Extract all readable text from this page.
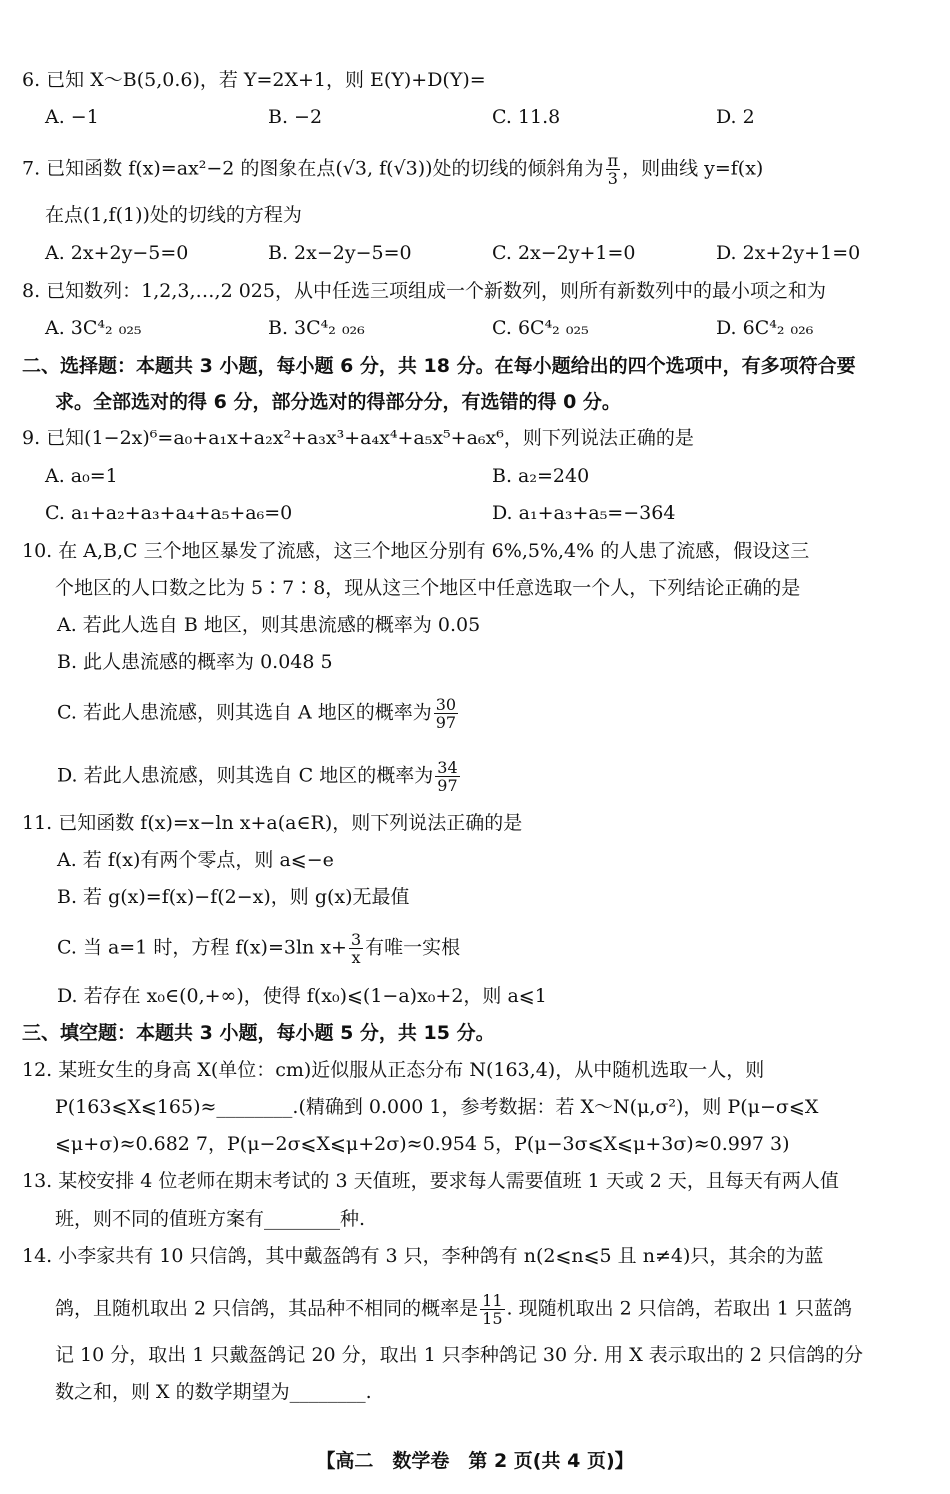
6. 已知 X～B(5,0.6)，若 Y=2X+1，则 E(Y)+D(Y)=
A. −1	B. −2	C. 11.8	D. 2
7. 已知函数 f(x)=ax²−2 的图象在点(√3, f(√3))处的切线的倾斜角为 $\frac{\pi}{3}$ ，则曲线 y=f(x)
在点(1,f(1))处的切线的方程为
A. 2x+2y−5=0	B. 2x−2y−5=0	C. 2x−2y+1=0	D. 2x+2y+1=0
8. 已知数列：1,2,3,…,2 025，从中任选三项组成一个新数列，则所有新数列中的最小项之和为
A. 3C⁴₂ ₀₂₅	B. 3C⁴₂ ₀₂₆	C. 6C⁴₂ ₀₂₅	D. 6C⁴₂ ₀₂₆
二、选择题：本题共 3 小题，每小题 6 分，共 18 分。在每小题给出的四个选项中，有多项符合要
求。全部选对的得 6 分，部分选对的得部分分，有选错的得 0 分。
9. 已知(1−2x)⁶=a₀+a₁x+a₂x²+a₃x³+a₄x⁴+a₅x⁵+a₆x⁶，则下列说法正确的是
A. a₀=1	B. a₂=240
C. a₁+a₂+a₃+a₄+a₅+a₆=0	D. a₁+a₃+a₅=−364
10. 在 A,B,C 三个地区暴发了流感，这三个地区分别有 6%,5%,4% 的人患了流感，假设这三
个地区的人口数之比为 5∶7∶8，现从这三个地区中任意选取一个人，下列结论正确的是
A. 若此人选自 B 地区，则其患流感的概率为 0.05
B. 此人患流感的概率为 0.048 5
C. 若此人患流感，则其选自 A 地区的概率为 $\frac{30}{97}$
D. 若此人患流感，则其选自 C 地区的概率为 $\frac{34}{97}$
11. 已知函数 f(x)=x−ln x+a(a∈R)，则下列说法正确的是
A. 若 f(x)有两个零点，则 a⩽−e
B. 若 g(x)=f(x)−f(2−x)，则 g(x)无最值
C. 当 a=1 时，方程 f(x)=3ln $x+ \frac{3}{x}$ 有唯一实根
D. 若存在 x₀∈(0,+∞)，使得 f(x₀)⩽(1−a)x₀+2，则 a⩽1
三、填空题：本题共 3 小题，每小题 5 分，共 15 分。
12. 某班女生的身高 X(单位：cm)近似服从正态分布 N(163,4)，从中随机选取一人，则
P(163⩽X⩽165)≈________.(精确到 0.000 1，参考数据：若 X～N(μ,σ²)，则 P(μ−σ⩽X
⩽μ+σ)≈0.682 7，P(μ−2σ⩽X⩽μ+2σ)≈0.954 5，P(μ−3σ⩽X⩽μ+3σ)≈0.997 3)
13. 某校安排 4 位老师在期末考试的 3 天值班，要求每人需要值班 1 天或 2 天，且每天有两人值
班，则不同的值班方案有________种.
14. 小李家共有 10 只信鸽，其中戴盔鸽有 3 只，李种鸽有 n(2⩽n⩽5 且 n≠4)只，其余的为蓝
鸽，且随机取出 2 只信鸽，其品种不相同的概率是 $\frac{11}{15}$ . 现随机取出 2 只信鸽，若取出 1 只蓝鸽
记 10 分，取出 1 只戴盔鸽记 20 分，取出 1 只李种鸽记 30 分. 用 X 表示取出的 2 只信鸽的分
数之和，则 X 的数学期望为________.
【高二　数学卷　第 2 页(共 4 页)】
